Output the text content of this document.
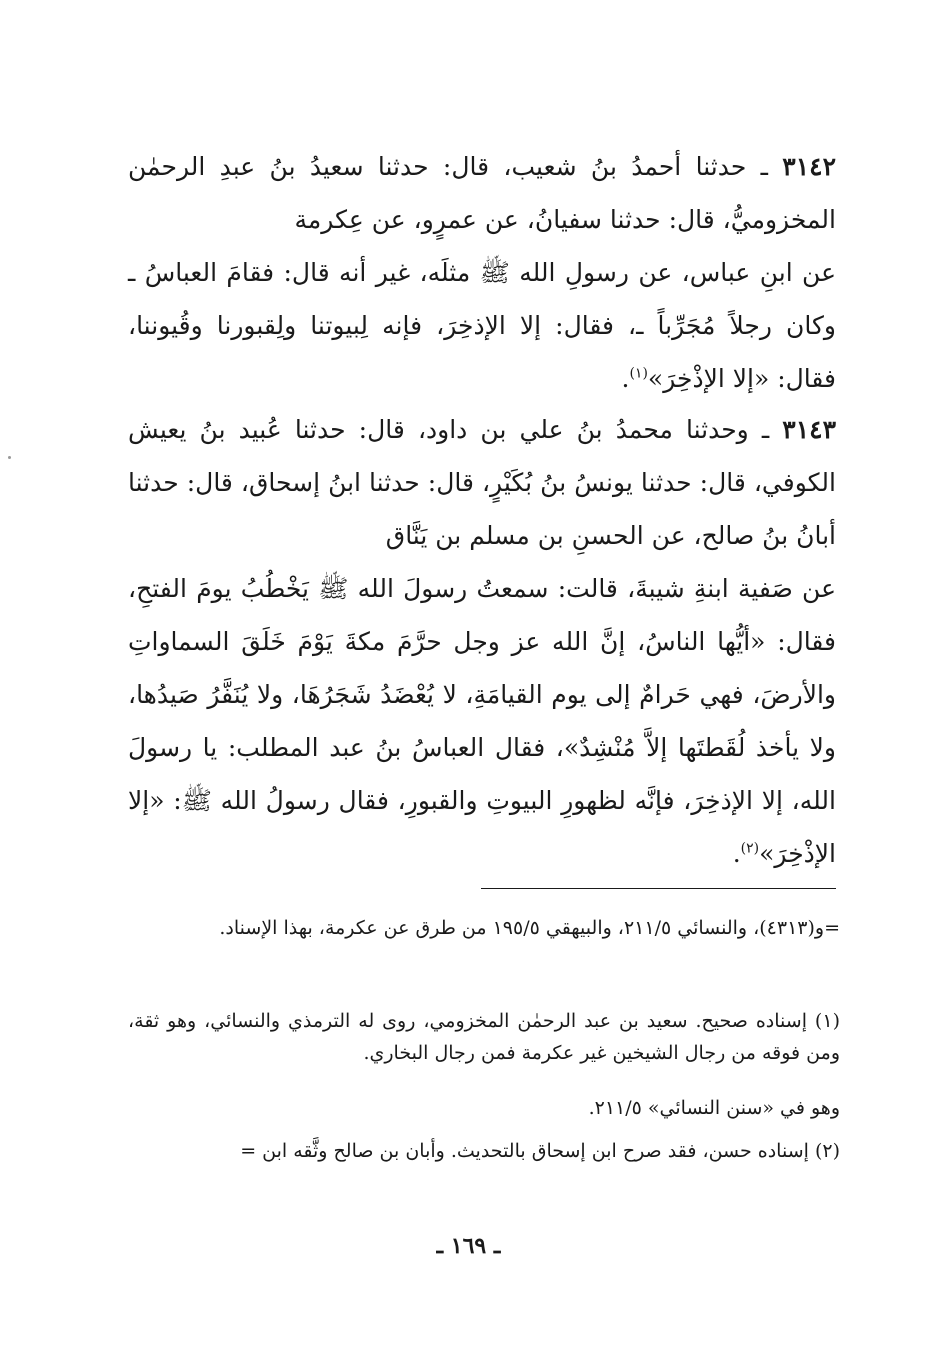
٣١٤٢ ـ حدثنا أحمدُ بنُ شعيب، قال: حدثنا سعيدُ بنُ عبدِ الرحمٰن المخزوميُّ، قال: حدثنا سفيانُ، عن عمرٍو، عن عِكرمة

عن ابنِ عباس، عن رسولِ الله ﷺ مثلَه، غير أنه قال: فقامَ العباسُ ـ وكان رجلاً مُجَرِّباً ـ، فقال: إلا الإذخِرَ، فإنه لِبيوتنا ولِقبورنا وقُيوننا، فقال: «إلا الإذْخِرَ»$^{(١)}$.

٣١٤٣ ـ وحدثنا محمدُ بنُ علي بن داود، قال: حدثنا عُبيد بنُ يعيش الكوفي، قال: حدثنا يونسُ بنُ بُكَيْرٍ، قال: حدثنا ابنُ إسحاق، قال: حدثنا أبانُ بنُ صالح، عن الحسنِ بن مسلم بن يَنَّاق

عن صَفية ابنةِ شيبةَ، قالت: سمعتُ رسولَ الله ﷺ يَخْطُبُ يومَ الفتحِ، فقال: «أيُّها الناسُ، إنَّ الله عز وجل حرَّمَ مكةَ يَوْمَ خَلَقَ السماواتِ والأرضَ، فهي حَرامٌ إلى يوم القيامَةِ، لا يُعْضَدُ شَجَرُهَا، ولا يُنَفَّرُ صَيدُها، ولا يأخذ لُقَطتَها إلاَّ مُنْشِدٌ»، فقال العباسُ بنُ عبد المطلب: يا رسولَ الله، إلا الإذخِرَ، فإنَّه لظهورِ البيوتِ والقبورِ، فقال رسولُ الله ﷺ: «إلا الإذْخِرَ»$^{(٢)}$.

=و(٤٣١٣)، والنسائي ٢١١/٥، والبيهقي ١٩٥/٥ من طرق عن عكرمة، بهذا الإسناد.

(١) إسناده صحيح. سعيد بن عبد الرحمٰن المخزومي، روى له الترمذي والنسائي، وهو ثقة، ومن فوقه من رجال الشيخين غير عكرمة فمن رجال البخاري.

وهو في «سنن النسائي» ٢١١/٥.

(٢) إسناده حسن، فقد صرح ابن إسحاق بالتحديث. وأبان بن صالح وثَّقه ابن =

ـ ١٦٩ ـ
